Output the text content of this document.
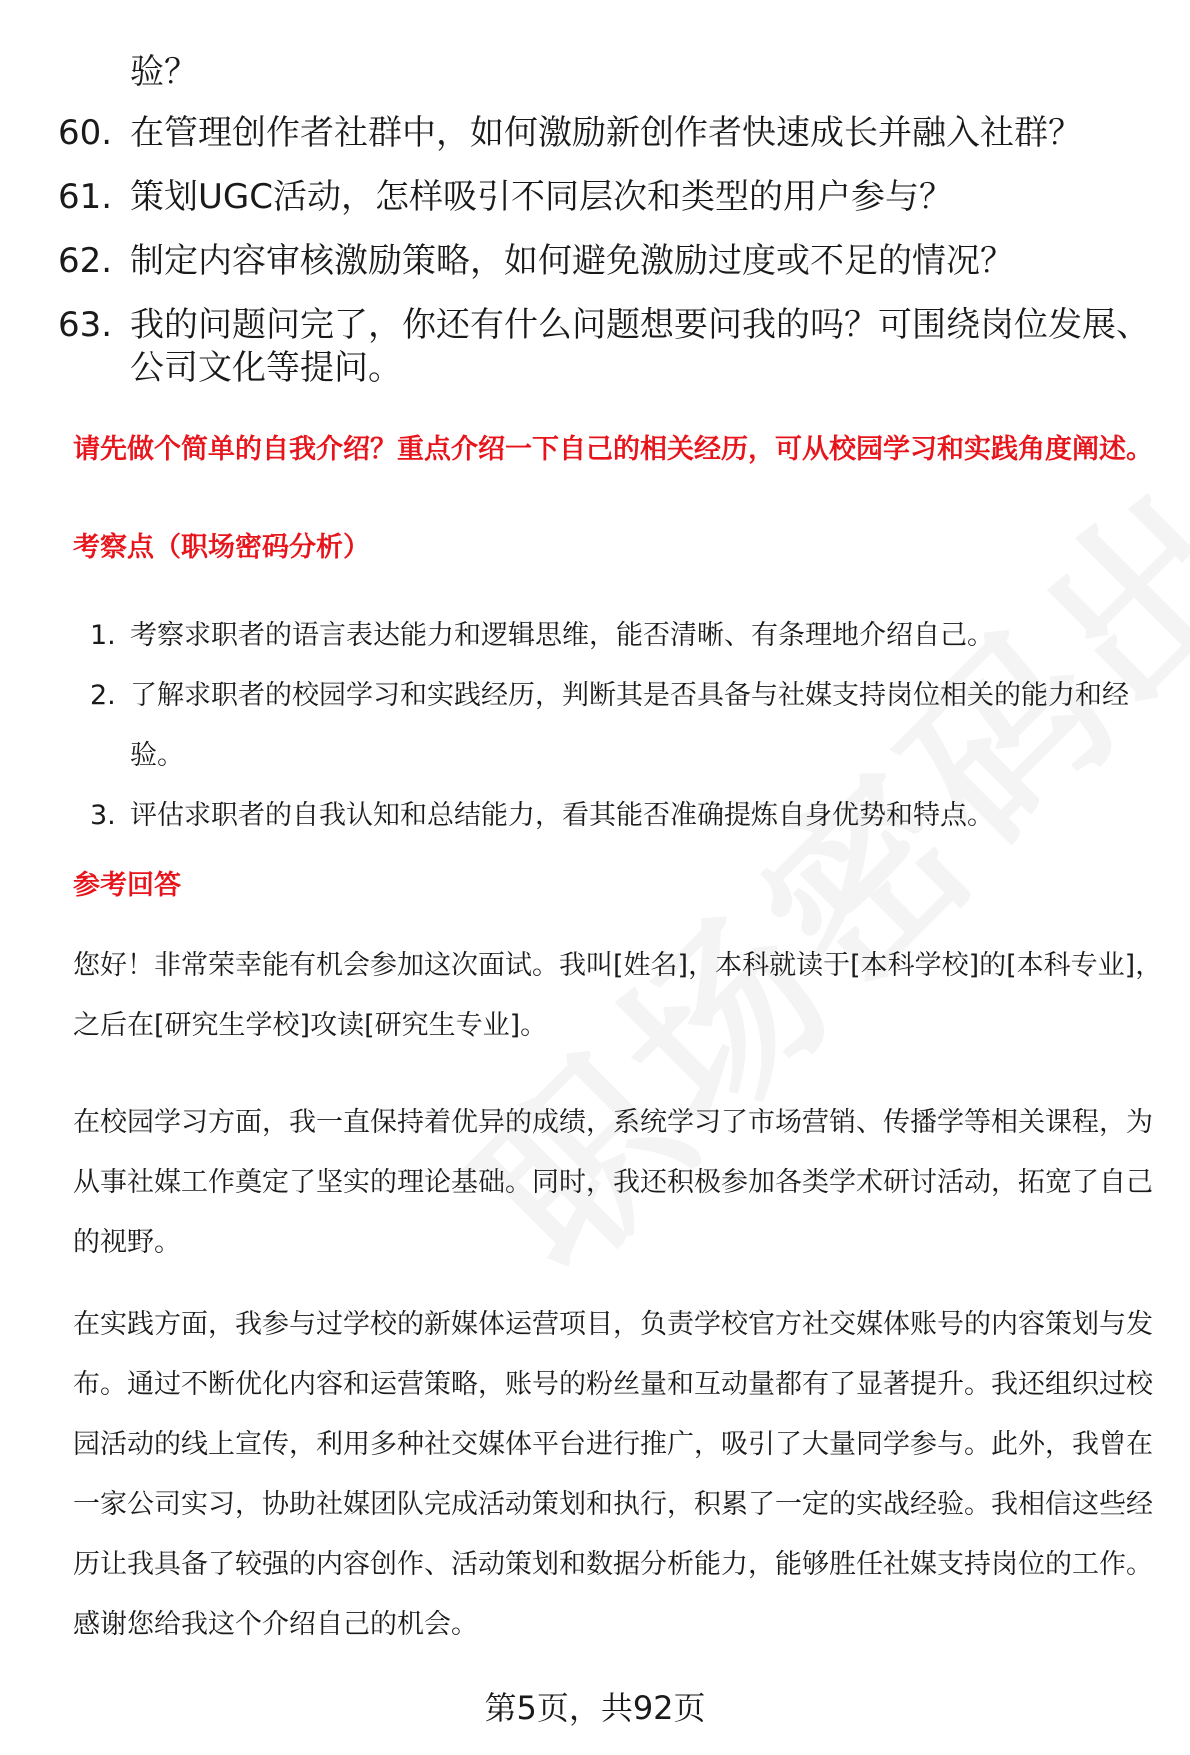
验？
60. 在管理创作者社群中，如何激励新创作者快速成长并融入社群？
61. 策划UGC活动，怎样吸引不同层次和类型的用户参与？
62. 制定内容审核激励策略，如何避免激励过度或不足的情况？
63. 我的问题问完了，你还有什么问题想要问我的吗？可围绕岗位发展、公司文化等提问。
请先做个简单的自我介绍？重点介绍一下自己的相关经历，可从校园学习和实践角度阐述。
考察点（职场密码分析）
1. 考察求职者的语言表达能力和逻辑思维，能否清晰、有条理地介绍自己。
2. 了解求职者的校园学习和实践经历，判断其是否具备与社媒支持岗位相关的能力和经验。
3. 评估求职者的自我认知和总结能力，看其能否准确提炼自身优势和特点。
参考回答

您好！非常荣幸能有机会参加这次面试。我叫[姓名]，本科就读于[本科学校]的[本科专业]，之后在[研究生学校]攻读[研究生专业]。

在校园学习方面，我一直保持着优异的成绩，系统学习了市场营销、传播学等相关课程，为从事社媒工作奠定了坚实的理论基础。同时，我还积极参加各类学术研讨活动，拓宽了自己的视野。

在实践方面，我参与过学校的新媒体运营项目，负责学校官方社交媒体账号的内容策划与发布。通过不断优化内容和运营策略，账号的粉丝量和互动量都有了显著提升。我还组织过校园活动的线上宣传，利用多种社交媒体平台进行推广，吸引了大量同学参与。此外，我曾在一家公司实习，协助社媒团队完成活动策划和执行，积累了一定的实战经验。我相信这些经历让我具备了较强的内容创作、活动策划和数据分析能力，能够胜任社媒支持岗位的工作。感谢您给我这个介绍自己的机会。

第5页，共92页
